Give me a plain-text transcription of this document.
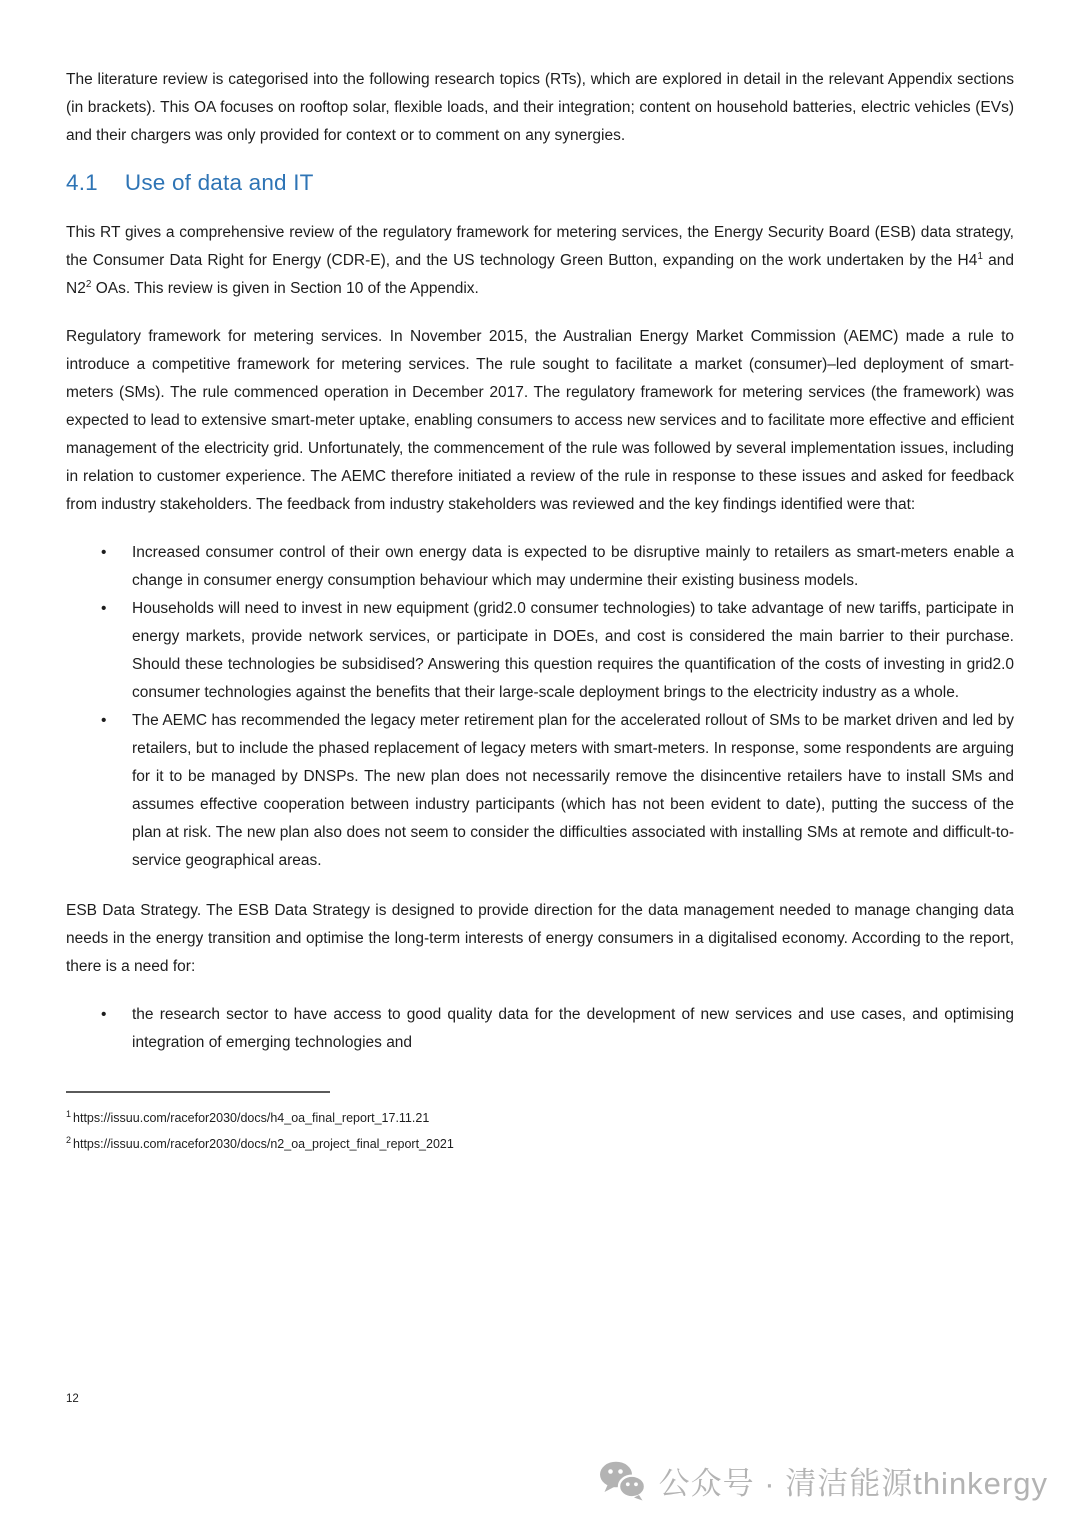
The literature review is categorised into the following research topics (RTs), which are explored in detail in the relevant Appendix sections (in brackets). This OA focuses on rooftop solar, flexible loads, and their integration; content on household batteries, electric vehicles (EVs) and their chargers was only provided for context or to comment on any synergies.

4.1 Use of data and IT

This RT gives a comprehensive review of the regulatory framework for metering services, the Energy Security Board (ESB) data strategy, the Consumer Data Right for Energy (CDR-E), and the US technology Green Button, expanding on the work undertaken by the H4$^1$ and N2$^2$ OAs. This review is given in Section 10 of the Appendix.

Regulatory framework for metering services. In November 2015, the Australian Energy Market Commission (AEMC) made a rule to introduce a competitive framework for metering services. The rule sought to facilitate a market (consumer)–led deployment of smart-meters (SMs). The rule commenced operation in December 2017. The regulatory framework for metering services (the framework) was expected to lead to extensive smart-meter uptake, enabling consumers to access new services and to facilitate more effective and efficient management of the electricity grid. Unfortunately, the commencement of the rule was followed by several implementation issues, including in relation to customer experience. The AEMC therefore initiated a review of the rule in response to these issues and asked for feedback from industry stakeholders. The feedback from industry stakeholders was reviewed and the key findings identified were that:

• Increased consumer control of their own energy data is expected to be disruptive mainly to retailers as smart-meters enable a change in consumer energy consumption behaviour which may undermine their existing business models.
• Households will need to invest in new equipment (grid2.0 consumer technologies) to take advantage of new tariffs, participate in energy markets, provide network services, or participate in DOEs, and cost is considered the main barrier to their purchase. Should these technologies be subsidised? Answering this question requires the quantification of the costs of investing in grid2.0 consumer technologies against the benefits that their large-scale deployment brings to the electricity industry as a whole.
• The AEMC has recommended the legacy meter retirement plan for the accelerated rollout of SMs to be market driven and led by retailers, but to include the phased replacement of legacy meters with smart-meters. In response, some respondents are arguing for it to be managed by DNSPs. The new plan does not necessarily remove the disincentive retailers have to install SMs and assumes effective cooperation between industry participants (which has not been evident to date), putting the success of the plan at risk. The new plan also does not seem to consider the difficulties associated with installing SMs at remote and difficult-to-service geographical areas.

ESB Data Strategy. The ESB Data Strategy is designed to provide direction for the data management needed to manage changing data needs in the energy transition and optimise the long-term interests of energy consumers in a digitalised economy. According to the report, there is a need for:

• the research sector to have access to good quality data for the development of new services and use cases, and optimising integration of emerging technologies and

$^1$ https://issuu.com/racefor2030/docs/h4_oa_final_report_17.11.21

$^2$ https://issuu.com/racefor2030/docs/n2_oa_project_final_report_2021

12
公众号 · 清洁能源thinkergy
